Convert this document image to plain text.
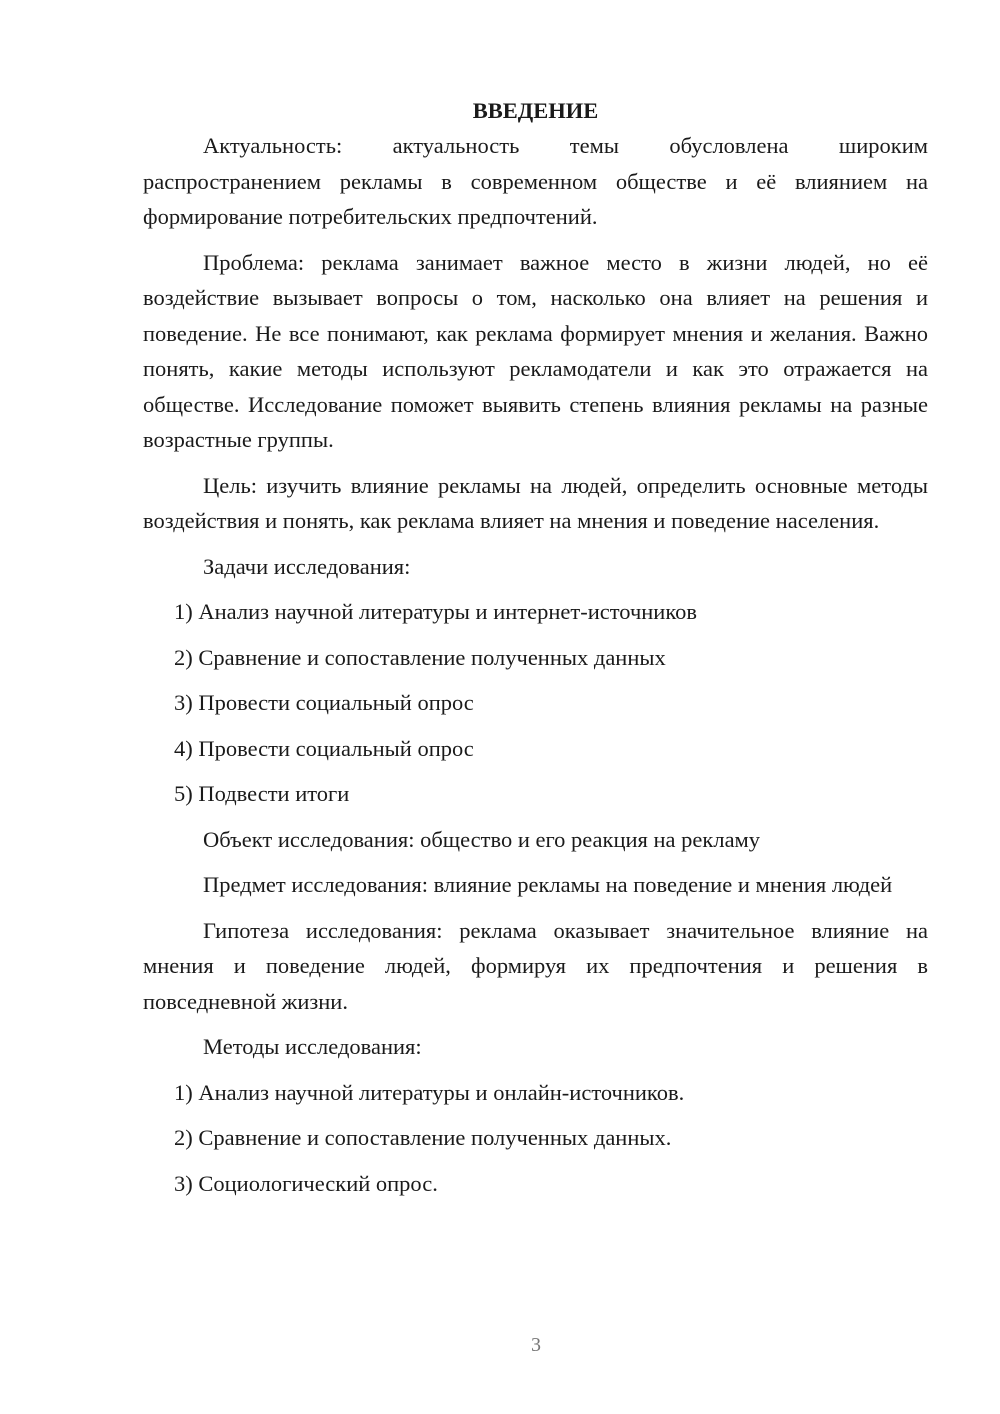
ВВЕДЕНИЕ

Актуальность: актуальность темы обусловлена широким распространением рекламы в современном обществе и её влиянием на формирование потребительских предпочтений.

Проблема: реклама занимает важное место в жизни людей, но её воздействие вызывает вопросы о том, насколько она влияет на решения и поведение. Не все понимают, как реклама формирует мнения и желания. Важно понять, какие методы используют рекламодатели и как это отражается на обществе. Исследование поможет выявить степень влияния рекламы на разные возрастные группы.

Цель: изучить влияние рекламы на людей, определить основные методы воздействия и понять, как реклама влияет на мнения и поведение населения.

Задачи исследования:

1) Анализ научной литературы и интернет-источников
2) Сравнение и сопоставление полученных данных
3) Провести социальный опрос
4) Провести социальный опрос
5) Подвести итоги

Объект исследования: общество и его реакция на рекламу

Предмет исследования: влияние рекламы на поведение и мнения людей

Гипотеза исследования: реклама оказывает значительное влияние на мнения и поведение людей, формируя их предпочтения и решения в повседневной жизни.

Методы исследования:

1) Анализ научной литературы и онлайн-источников.
2) Сравнение и сопоставление полученных данных.
3) Социологический опрос.
3
